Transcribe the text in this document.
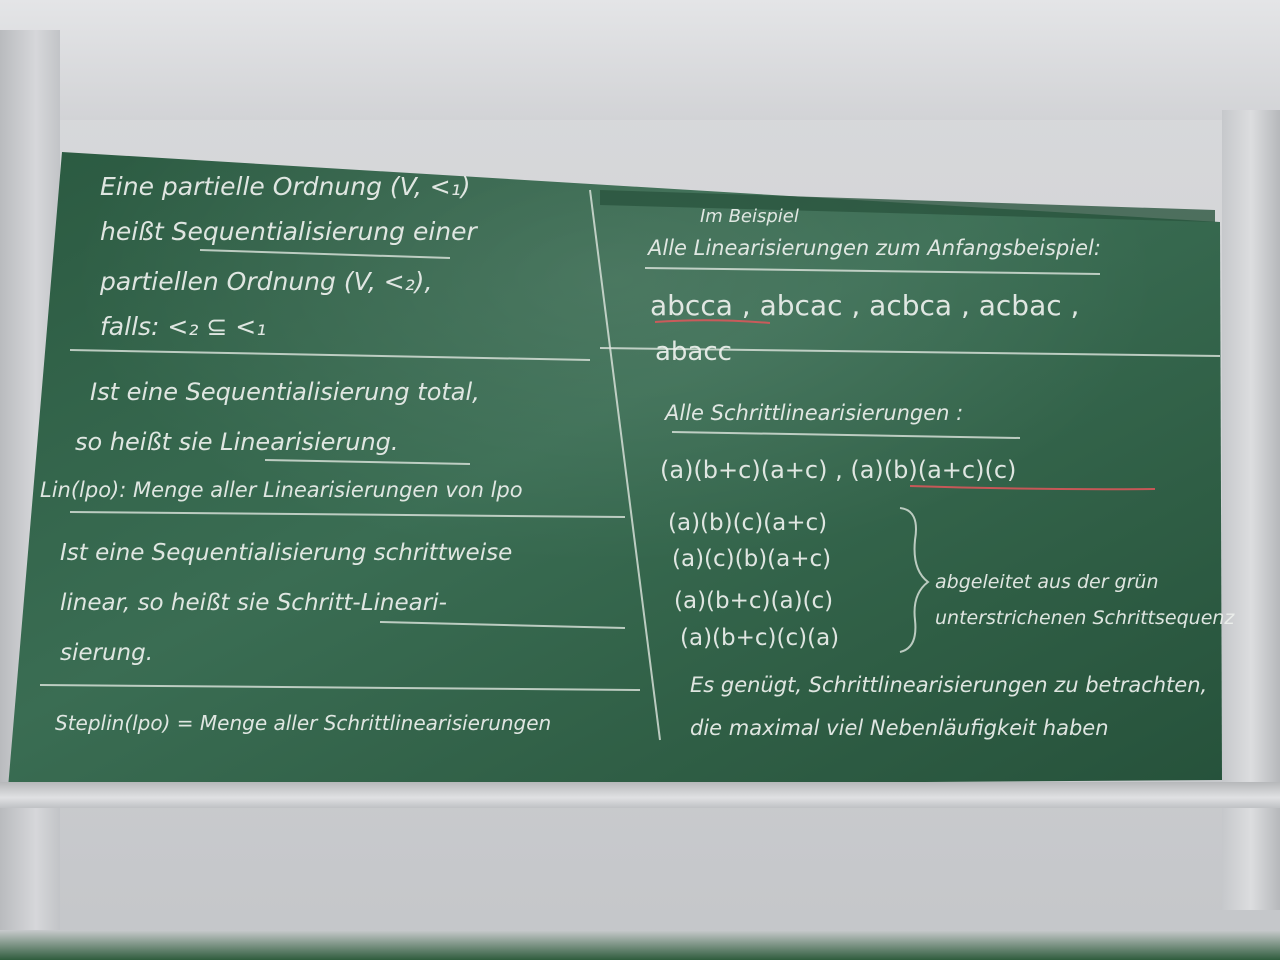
Eine partielle Ordnung (V, <₁)
heißt Sequentialisierung einer
partiellen Ordnung (V, <₂),
falls: <₂ ⊆ <₁
Ist eine Sequentialisierung total,
so heißt sie Linearisierung.
Lin(lpo): Menge aller Linearisierungen von lpo
Ist eine Sequentialisierung schrittweise
linear, so heißt sie Schritt-Lineari-
sierung.
Steplin(lpo) = Menge aller Schrittlinearisierungen
Im Beispiel
Alle Linearisierungen zum Anfangsbeispiel:
abcca , abcac , acbca , acbac ,
abacc
Alle Schrittlinearisierungen :
(a)(b+c)(a+c) , (a)(b)(a+c)(c)
(a)(b)(c)(a+c)
(a)(c)(b)(a+c)
(a)(b+c)(a)(c)
(a)(b+c)(c)(a)
abgeleitet aus der grün
unterstrichenen Schrittsequenz
Es genügt, Schrittlinearisierungen zu betrachten,
die maximal viel Nebenläufigkeit haben
